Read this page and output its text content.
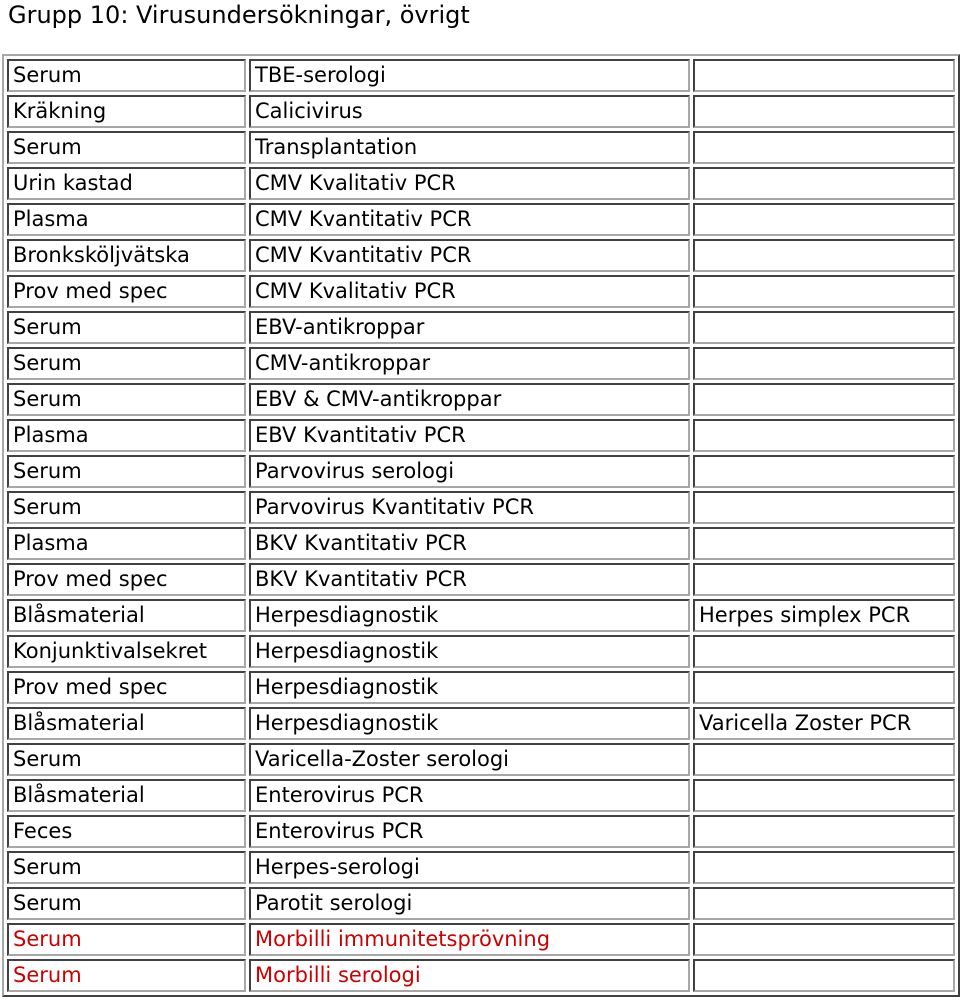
Grupp 10: Virusundersökningar, övrigt
Serum	TBE-serologi	
Kräkning	Calicivirus	
Serum	Transplantation	
Urin kastad	CMV Kvalitativ PCR	
Plasma	CMV Kvantitativ PCR	
Bronksköljvätska	CMV Kvantitativ PCR	
Prov med spec	CMV Kvalitativ PCR	
Serum	EBV-antikroppar	
Serum	CMV-antikroppar	
Serum	EBV & CMV-antikroppar	
Plasma	EBV Kvantitativ PCR	
Serum	Parvovirus serologi	
Serum	Parvovirus Kvantitativ PCR	
Plasma	BKV Kvantitativ PCR	
Prov med spec	BKV Kvantitativ PCR	
Blåsmaterial	Herpesdiagnostik	Herpes simplex PCR
Konjunktivalsekret	Herpesdiagnostik	
Prov med spec	Herpesdiagnostik	
Blåsmaterial	Herpesdiagnostik	Varicella Zoster PCR
Serum	Varicella-Zoster serologi	
Blåsmaterial	Enterovirus PCR	
Feces	Enterovirus PCR	
Serum	Herpes-serologi	
Serum	Parotit serologi	
Serum	Morbilli immunitetsprövning	
Serum	Morbilli serologi	
